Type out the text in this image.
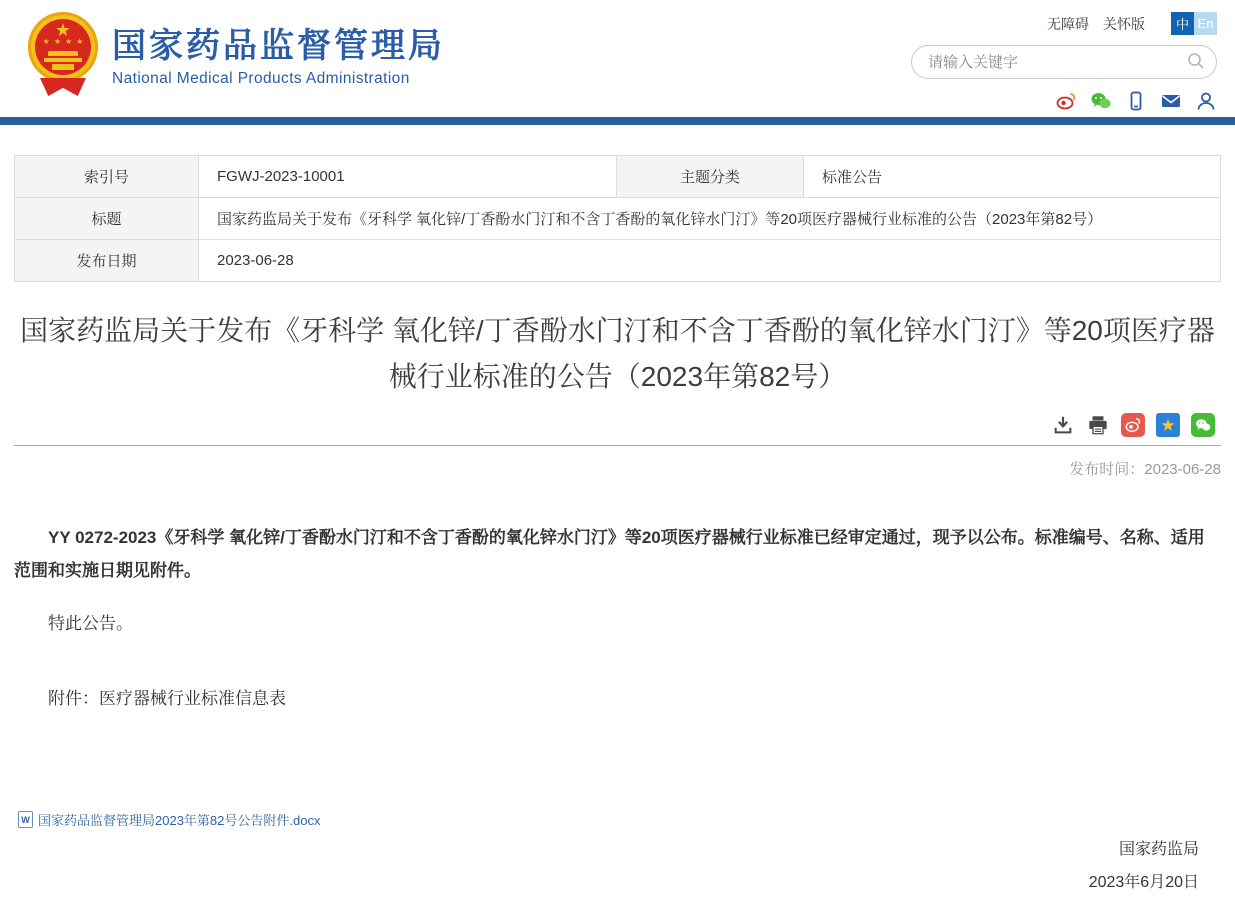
★
★★★★ 国家药品监督管理局
National Medical Products Administration
无障碍 关怀版	中 En
请输入关键字
索引号	FGWJ-2023-10001	主题分类	标准公告
标题	国家药监局关于发布《牙科学 氧化锌/丁香酚水门汀和不含丁香酚的氧化锌水门汀》等20项医疗器械行业标准的公告（2023年第82号）		
发布日期	2023-06-28		
国家药监局关于发布《牙科学 氧化锌/丁香酚水门汀和不含丁香酚的氧化锌水门汀》等20项医疗器械行业标准的公告（2023年第82号）
★
发布时间：2023-06-28

YY 0272-2023《牙科学 氧化锌/丁香酚水门汀和不含丁香酚的氧化锌水门汀》等20项医疗器械行业标准已经审定通过，现予以公布。标准编号、名称、适用范围和实施日期见附件。

特此公告。

附件：医疗器械行业标准信息表
国家药监局
2023年6月20日
W 国家药品监督管理局2023年第82号公告附件.docx
